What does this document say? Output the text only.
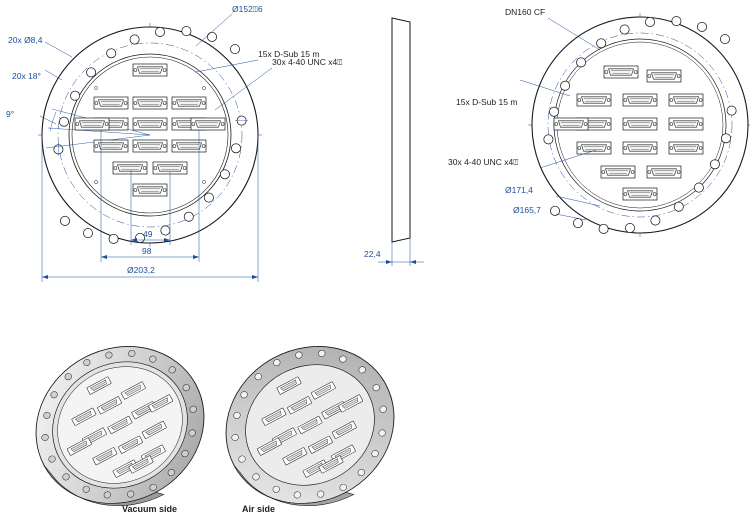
20x Ø8,4
20x 18°
9°
Ø152⍐6
15x D-Sub 15 m
30x 4-40 UNC x4⍐
49
98
Ø203,2
22,4
DN160 CF
15x D-Sub 15 m
30x 4-40 UNC x4⍐
Ø171,4
Ø165,7
Vacuum side	Air side
